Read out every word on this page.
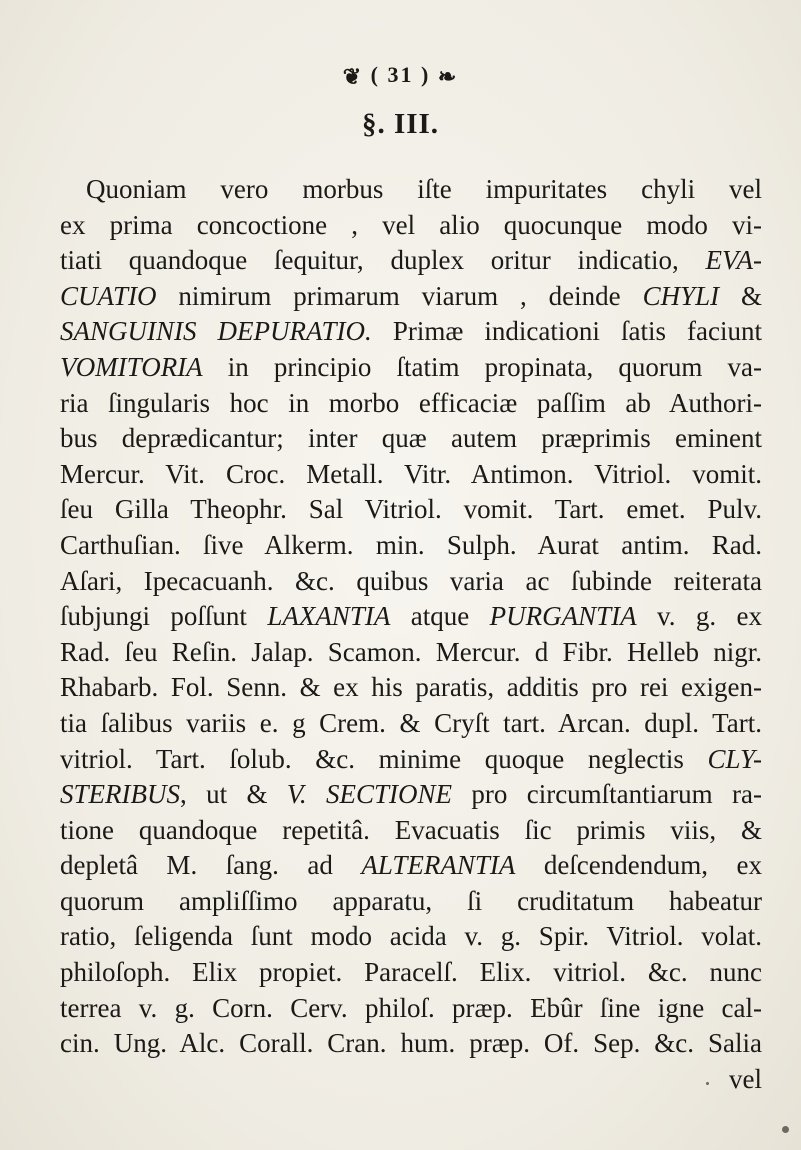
❦ ( 31 ) ❧
§. III.
Quoniam vero morbus iſte impuritates chyli vel
ex prima concoctione , vel alio quocunque modo vi-
tiati quandoque ſequitur, duplex oritur indicatio, EVA-
CUATIO nimirum primarum viarum , deinde CHYLI &
SANGUINIS DEPURATIO. Primæ indicationi ſatis faciunt
VOMITORIA in principio ſtatim propinata, quorum va-
ria ſingularis hoc in morbo efficaciæ paſſim ab Authori-
bus deprædicantur; inter quæ autem præprimis eminent
Mercur. Vit. Croc. Metall. Vitr. Antimon. Vitriol. vomit.
ſeu Gilla Theophr. Sal Vitriol. vomit. Tart. emet. Pulv.
Carthuſian. ſive Alkerm. min. Sulph. Aurat antim. Rad.
Aſari, Ipecacuanh. &c. quibus varia ac ſubinde reiterata
ſubjungi poſſunt LAXANTIA atque PURGANTIA v. g. ex
Rad. ſeu Reſin. Jalap. Scamon. Mercur. d Fibr. Helleb nigr.
Rhabarb. Fol. Senn. & ex his paratis, additis pro rei exigen-
tia ſalibus variis e. g Crem. & Cryſt tart. Arcan. dupl. Tart.
vitriol. Tart. ſolub. &c. minime quoque neglectis CLY-
STERIBUS, ut & V. SECTIONE pro circumſtantiarum ra-
tione quandoque repetitâ. Evacuatis ſic primis viis, &
depletâ M. ſang. ad ALTERANTIA deſcendendum, ex
quorum ampliſſimo apparatu, ſi cruditatum habeatur
ratio, ſeligenda ſunt modo acida v. g. Spir. Vitriol. volat.
philoſoph. Elix propiet. Paracelſ. Elix. vitriol. &c. nunc
terrea v. g. Corn. Cerv. philoſ. præp. Ebûr ſine igne cal-
cin. Ung. Alc. Corall. Cran. hum. præp. Of. Sep. &c. Salia
vel
